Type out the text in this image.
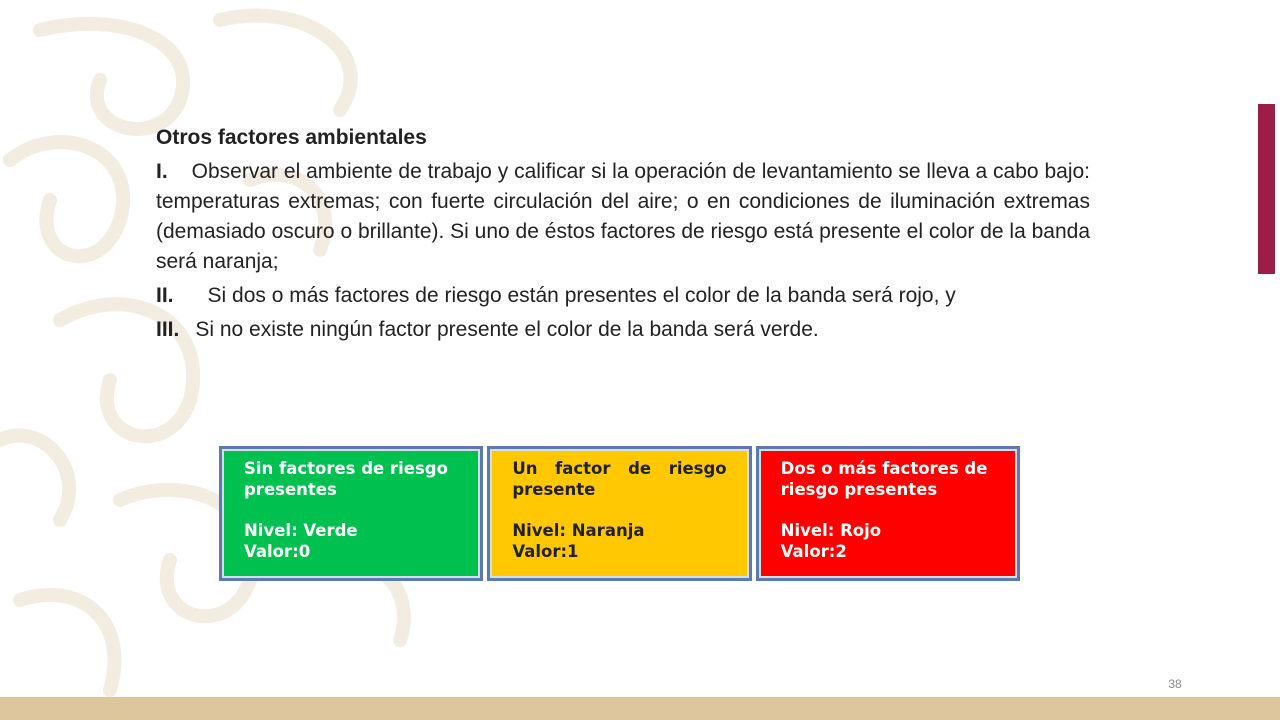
Otros factores ambientales

I. Observar el ambiente de trabajo y calificar si la operación de levantamiento se lleva a cabo bajo: temperaturas extremas; con fuerte circulación del aire; o en condiciones de iluminación extremas (demasiado oscuro o brillante). Si uno de éstos factores de riesgo está presente el color de la banda será naranja;

II. Si dos o más factores de riesgo están presentes el color de la banda será rojo, y

III. Si no existe ningún factor presente el color de la banda será verde.

Sin factores de riesgo presentes
Nivel: Verde
Valor:0
Un factor de riesgo presente
Nivel: Naranja
Valor:1
Dos o más factores de riesgo presentes
Nivel: Rojo
Valor:2
38
